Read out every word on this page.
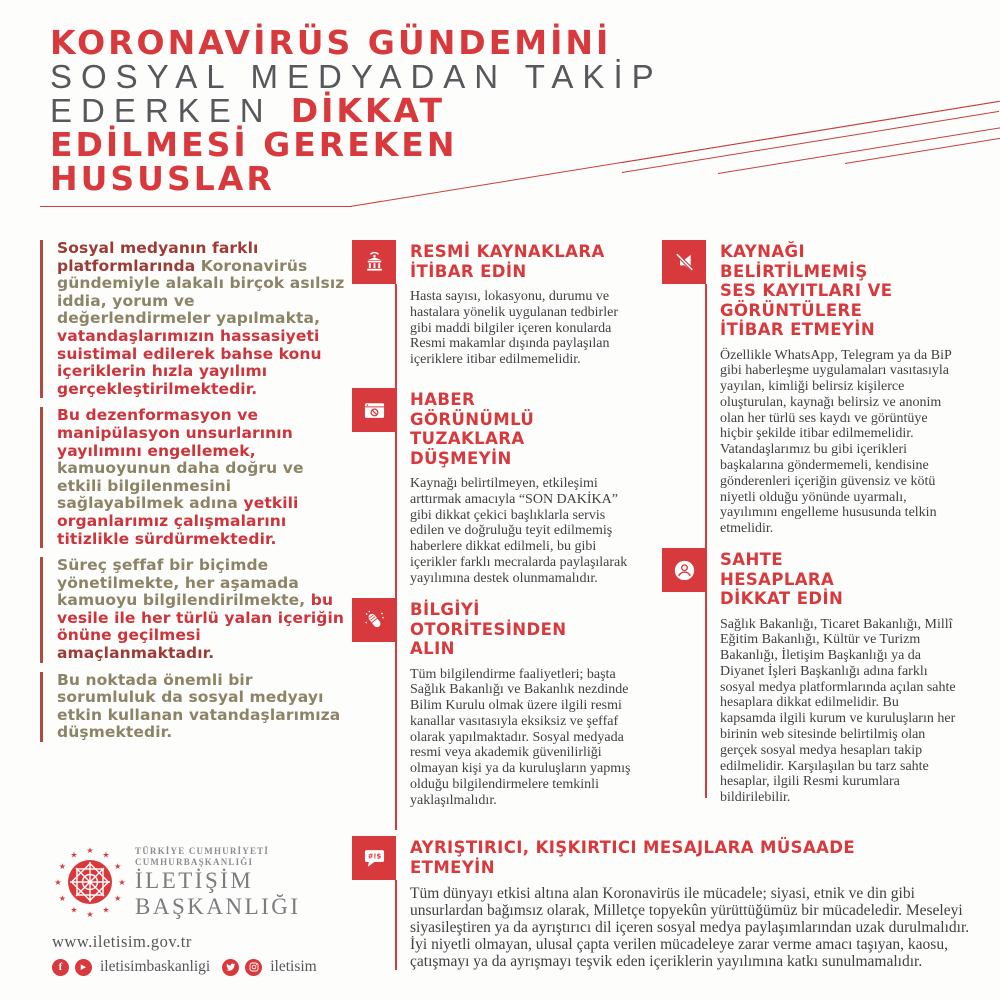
KORONAVİRÜS GÜNDEMİNİ
SOSYAL MEDYADAN TAKİP
EDERKEN DİKKAT
EDİLMESİ GEREKEN
HUSUSLAR

Sosyal medyanın farklı platformlarında Koronavirüs gündemiyle alakalı birçok asılsız iddia, yorum ve değerlendirmeler yapılmakta, vatandaşlarımızın hassasiyeti suistimal edilerek bahse konu içeriklerin hızla yayılımı gerçekleştirilmektedir.

Bu dezenformasyon ve manipülasyon unsurlarının yayılımını engellemek, kamuoyunun daha doğru ve etkili bilgilenmesini sağlayabilmek adına yetkili organlarımız çalışmalarını titizlikle sürdürmektedir.

Süreç şeffaf bir biçimde yönetilmekte, her aşamada kamuoyu bilgilendirilmekte, bu vesile ile her türlü yalan içeriğin önüne geçilmesi amaçlanmaktadır.

Bu noktada önemli bir sorumluluk da sosyal medyayı etkin kullanan vatandaşlarımıza düşmektedir.

RESMİ KAYNAKLARA İTİBAR EDİN

Hasta sayısı, lokasyonu, durumu ve hastalara yönelik uygulanan tedbirler gibi maddi bilgiler içeren konularda Resmi makamlar dışında paylaşılan içeriklere itibar edilmemelidir.

HABER GÖRÜNÜMLÜ TUZAKLARA DÜŞMEYİN

Kaynağı belirtilmeyen, etkileşimi arttırmak amacıyla “SON DAKİKA” gibi dikkat çekici başlıklarla servis edilen ve doğruluğu teyit edilmemiş haberlere dikkat edilmeli, bu gibi içerikler farklı mecralarda paylaşılarak yayılımına destek olunmamalıdır.

BİLGİYİ OTORİTESİNDEN ALIN

Tüm bilgilendirme faaliyetleri; başta Sağlık Bakanlığı ve Bakanlık nezdinde Bilim Kurulu olmak üzere ilgili resmi kanallar vasıtasıyla eksiksiz ve şeffaf olarak yapılmaktadır. Sosyal medyada resmi veya akademik güvenilirliği olmayan kişi ya da kuruluşların yapmış olduğu bilgilendirmelere temkinli yaklaşılmalıdır.

KAYNAĞI BELİRTİLMEMİŞ SES KAYITLARI VE GÖRÜNTÜLERE İTİBAR ETMEYİN

Özellikle WhatsApp, Telegram ya da BiP gibi haberleşme uygulamaları vasıtasıyla yayılan, kimliği belirsiz kişilerce oluşturulan, kaynağı belirsiz ve anonim olan her türlü ses kaydı ve görüntüye hiçbir şekilde itibar edilmemelidir. Vatandaşlarımız bu gibi içerikleri başkalarına göndermemeli, kendisine gönderenleri içeriğin güvensiz ve kötü niyetli olduğu yönünde uyarmalı, yayılımını engelleme hususunda telkin etmelidir.

SAHTE HESAPLARA DİKKAT EDİN

Sağlık Bakanlığı, Ticaret Bakanlığı, Millî Eğitim Bakanlığı, Kültür ve Turizm Bakanlığı, İletişim Başkanlığı ya da Diyanet İşleri Başkanlığı adına farklı sosyal medya platformlarında açılan sahte hesaplara dikkat edilmelidir. Bu kapsamda ilgili kurum ve kuruluşların her birinin web sitesinde belirtilmiş olan gerçek sosyal medya hesapları takip edilmelidir. Karşılaşılan bu tarz sahte hesaplar, ilgili Resmi kurumlara bildirilebilir.

#!$ AYRIŞTIRICI, KIŞKIRTICI MESAJLARA MÜSAADE ETMEYİN

Tüm dünyayı etkisi altına alan Koronavirüs ile mücadele; siyasi, etnik ve din gibi unsurlardan bağımsız olarak, Milletçe topyekûn yürüttüğümüz bir mücadeledir. Meseleyi siyasileştiren ya da ayrıştırıcı dil içeren sosyal medya paylaşımlarından uzak durulmalıdır. İyi niyetli olmayan, ulusal çapta verilen mücadeleye zarar verme amacı taşıyan, kaosu, çatışmayı ya da ayrışmayı teşvik eden içeriklerin yayılımına katkı sunulmamalıdır.

★
★
★
★
★
★
★
★
★ ★ ★
★
TÜRKİYE CUMHURİYETİ
CUMHURBAŞKANLIĞI
İLETİŞİM
BAŞKANLIĞI
www.iletisim.gov.tr
f	▶ iletisimbaskanligi	iletisim
